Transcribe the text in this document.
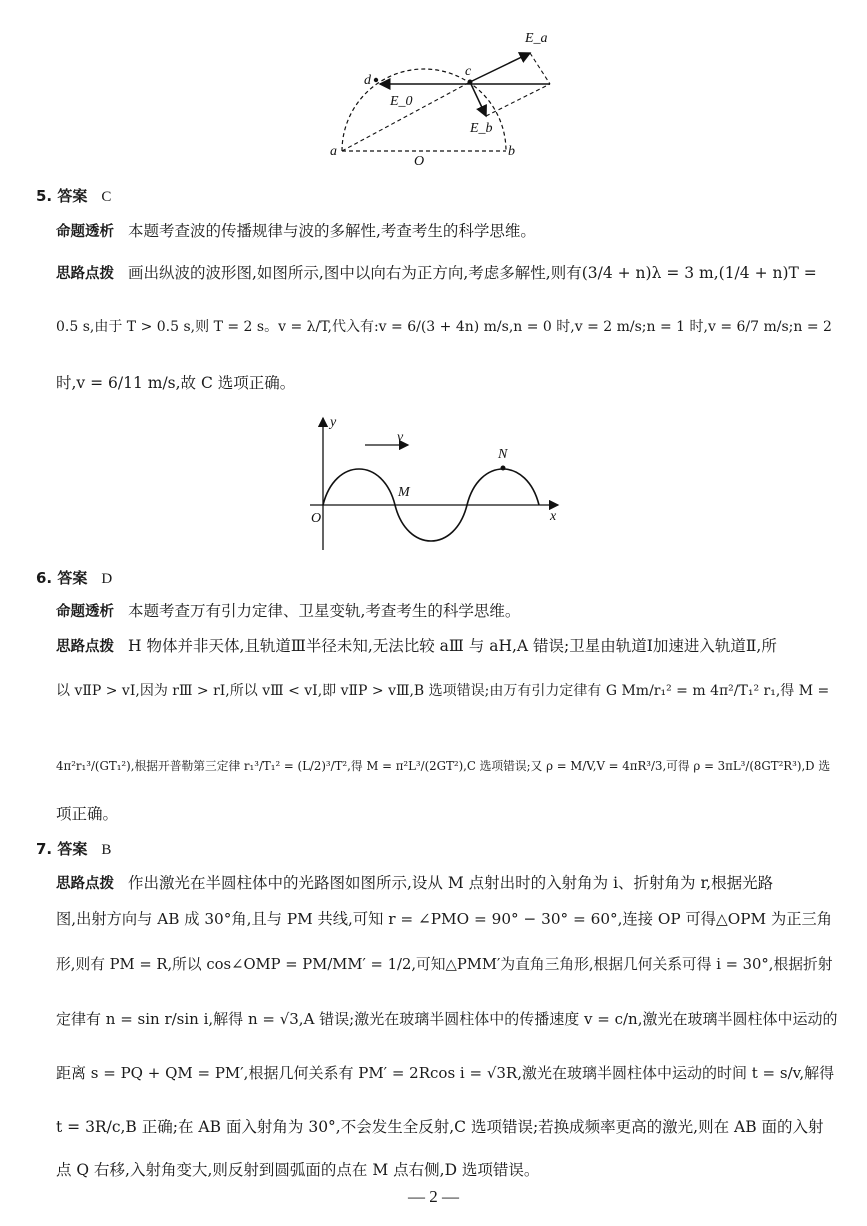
E_a
c
d
E_0
E_b
a
O
b
5. 答案 C
命题透析 本题考查波的传播规律与波的多解性,考查考生的科学思维。
思路点拨 画出纵波的波形图,如图所示,图中以向右为正方向,考虑多解性,则有(3/4 + n)λ = 3 m,(1/4 + n)T =
0.5 s,由于 T > 0.5 s,则 T = 2 s。v = λ/T,代入有:v = 6/(3 + 4n) m/s,n = 0 时,v = 2 m/s;n = 1 时,v = 6/7 m/s;n = 2
时,v = 6/11 m/s,故 C 选项正确。
y
v
N
M
O	x
6. 答案 D
命题透析 本题考查万有引力定律、卫星变轨,考查考生的科学思维。
思路点拨 H 物体并非天体,且轨道Ⅲ半径未知,无法比较 aⅢ 与 aH,A 错误;卫星由轨道Ⅰ加速进入轨道Ⅱ,所
以 vⅡP > vⅠ,因为 rⅢ > rⅠ,所以 vⅢ < vⅠ,即 vⅡP > vⅢ,B 选项错误;由万有引力定律有 G Mm/r₁² = m 4π²/T₁² r₁,得 M =
4π²r₁³/(GT₁²),根据开普勒第三定律 r₁³/T₁² = (L/2)³/T²,得 M = π²L³/(2GT²),C 选项错误;又 ρ = M/V,V = 4πR³/3,可得 ρ = 3πL³/(8GT²R³),D 选
项正确。
7. 答案 B
思路点拨 作出激光在半圆柱体中的光路图如图所示,设从 M 点射出时的入射角为 i、折射角为 r,根据光路
图,出射方向与 AB 成 30°角,且与 PM 共线,可知 r = ∠PMO = 90° − 30° = 60°,连接 OP 可得△OPM 为正三角
形,则有 PM = R,所以 cos∠OMP = PM/MM′ = 1/2,可知△PMM′为直角三角形,根据几何关系可得 i = 30°,根据折射
定律有 n = sin r/sin i,解得 n = √3,A 错误;激光在玻璃半圆柱体中的传播速度 v = c/n,激光在玻璃半圆柱体中运动的
距离 s = PQ + QM = PM′,根据几何关系有 PM′ = 2Rcos i = √3R,激光在玻璃半圆柱体中运动的时间 t = s/v,解得
t = 3R/c,B 正确;在 AB 面入射角为 30°,不会发生全反射,C 选项错误;若换成频率更高的激光,则在 AB 面的入射
点 Q 右移,入射角变大,则反射到圆弧面的点在 M 点右侧,D 选项错误。
— 2 —
